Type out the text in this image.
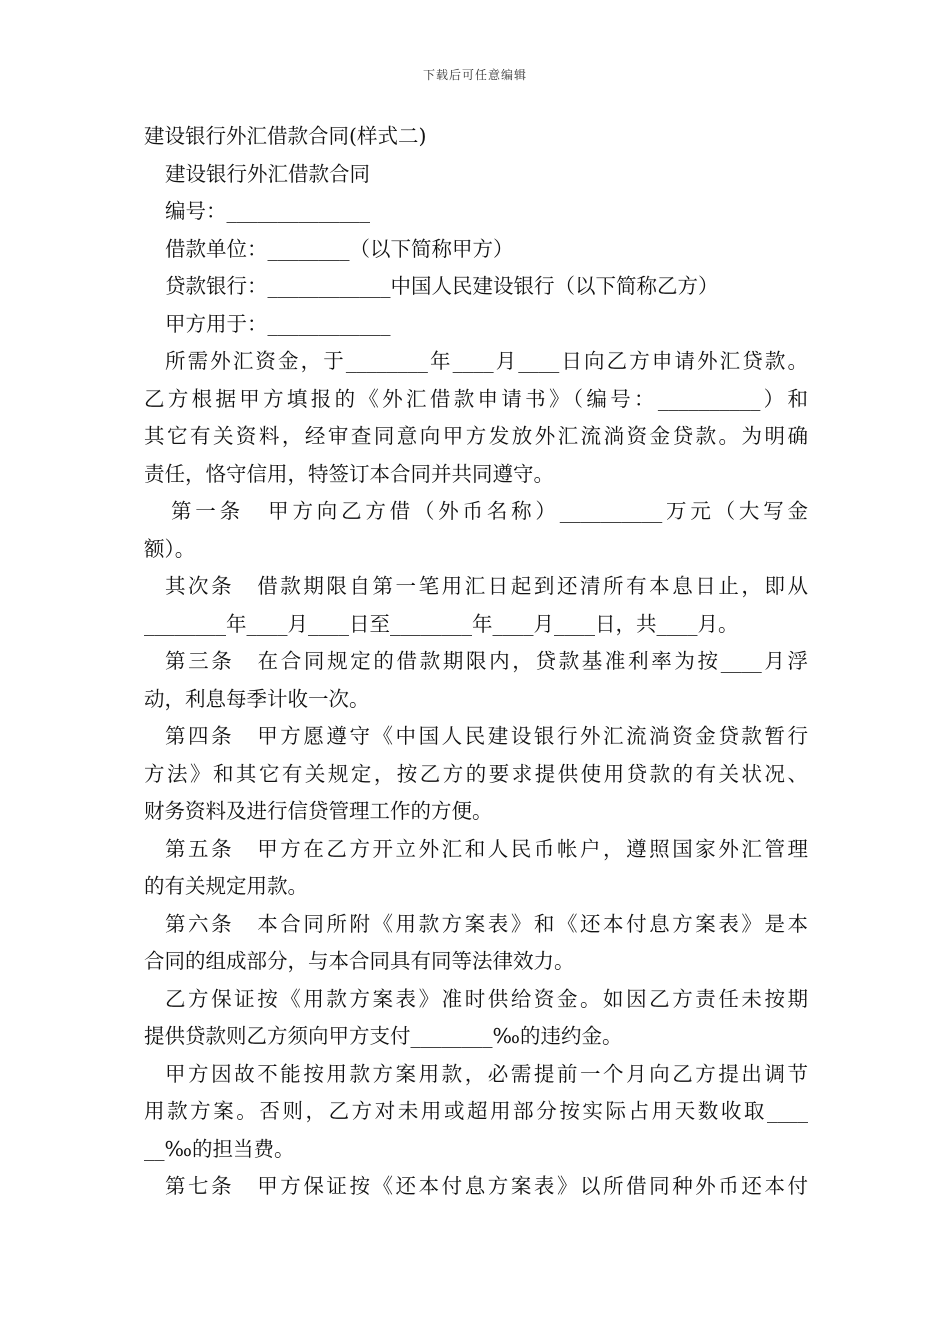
下载后可任意编辑
建设银行外汇借款合同(样式二)
建设银行外汇借款合同
编号：______________
借款单位：________（以下简称甲方）
贷款银行：____________中国人民建设银行（以下简称乙方）
甲方用于：____________
所需外汇资金，于________年____月____日向乙方申请外汇贷款。
乙方根据甲方填报的《外汇借款申请书》（编号：__________）和
其它有关资料，经审查同意向甲方发放外汇流淌资金贷款。为明确
责任，恪守信用，特签订本合同并共同遵守。
第一条　甲方向乙方借（外币名称）__________万元（大写金
额）。
其次条　借款期限自第一笔用汇日起到还清所有本息日止，即从
________年____月____日至________年____月____日，共____月。
第三条　在合同规定的借款期限内，贷款基准利率为按____月浮
动，利息每季计收一次。
第四条　甲方愿遵守《中国人民建设银行外汇流淌资金贷款暂行
方法》和其它有关规定，按乙方的要求提供使用贷款的有关状况、
财务资料及进行信贷管理工作的方便。
第五条　甲方在乙方开立外汇和人民币帐户，遵照国家外汇管理
的有关规定用款。
第六条　本合同所附《用款方案表》和《还本付息方案表》是本
合同的组成部分，与本合同具有同等法律效力。
乙方保证按《用款方案表》准时供给资金。如因乙方责任未按期
提供贷款则乙方须向甲方支付________‰的违约金。
甲方因故不能按用款方案用款，必需提前一个月向乙方提出调节
用款方案。否则，乙方对未用或超用部分按实际占用天数收取____
__‰的担当费。
第七条　甲方保证按《还本付息方案表》以所借同种外币还本付
